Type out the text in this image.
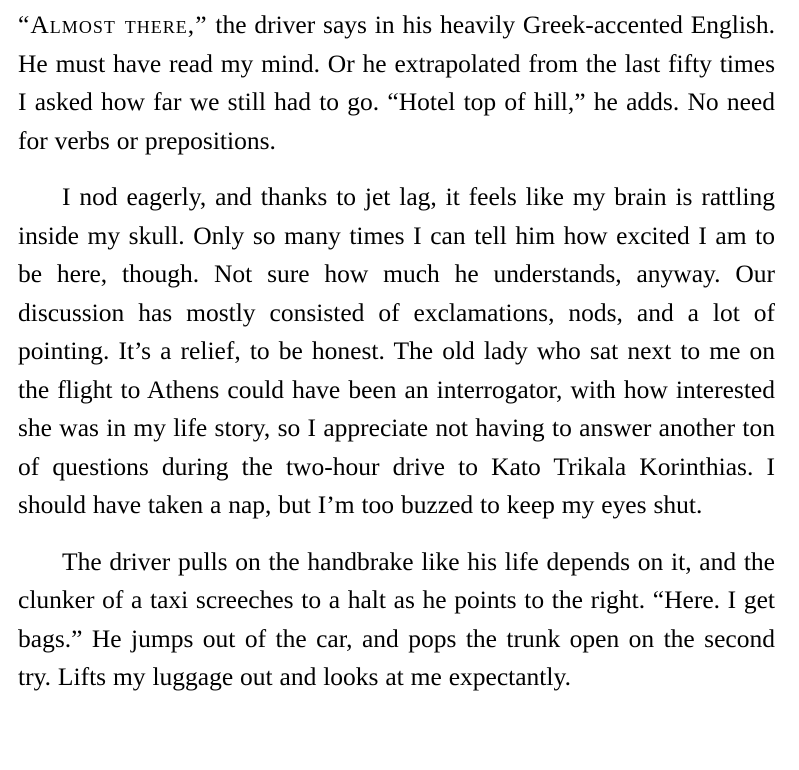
“Almost there,” the driver says in his heavily Greek-accented English. He must have read my mind. Or he extrapolated from the last fifty times I asked how far we still had to go. “Hotel top of hill,” he adds. No need for verbs or prepositions.

I nod eagerly, and thanks to jet lag, it feels like my brain is rattling inside my skull. Only so many times I can tell him how excited I am to be here, though. Not sure how much he understands, anyway. Our discussion has mostly consisted of exclamations, nods, and a lot of pointing. It’s a relief, to be honest. The old lady who sat next to me on the flight to Athens could have been an interrogator, with how interested she was in my life story, so I appreciate not having to answer another ton of questions during the two-hour drive to Kato Trikala Korinthias. I should have taken a nap, but I’m too buzzed to keep my eyes shut.

The driver pulls on the handbrake like his life depends on it, and the clunker of a taxi screeches to a halt as he points to the right. “Here. I get bags.” He jumps out of the car, and pops the trunk open on the second try. Lifts my luggage out and looks at me expectantly.
